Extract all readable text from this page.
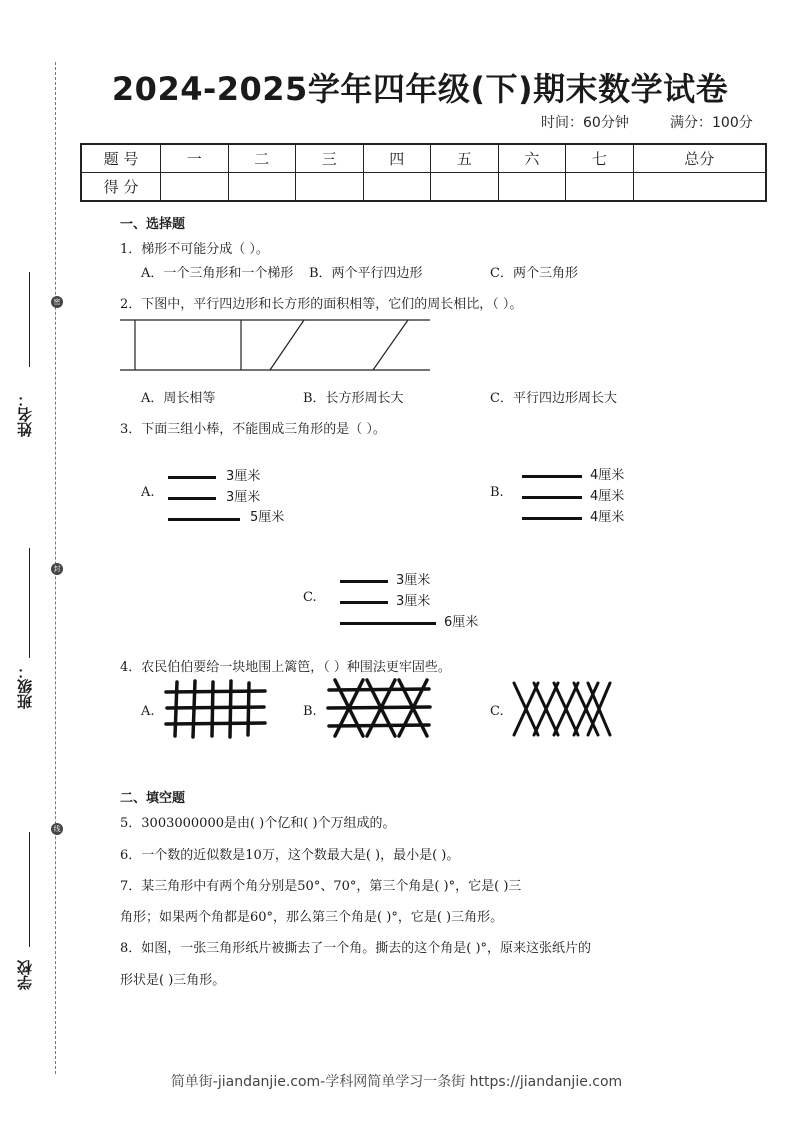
姓名：
班级：
学校
密
封
线
2024-2025学年四年级(下)期末数学试卷
时间：60分钟	满分：100分
题 号	一	二	三	四	五	六	七	总分
得 分								
一、选择题
1．梯形不可能分成（ ）。
A．一个三角形和一个梯形 B．两个平行四边形	C．两个三角形
2．下图中，平行四边形和长方形的面积相等，它们的周长相比，（ ）。
A．周长相等	B．长方形周长大	C．平行四边形周长大
3．下面三组小棒，不能围成三角形的是（ ）。
A.
3厘米
3厘米
5厘米
B.
4厘米
4厘米
4厘米
C.
3厘米
3厘米
6厘米
4．农民伯伯要给一块地围上篱笆，（ ）种围法更牢固些。
A.	B.	C.
二、填空题
5．3003000000是由( )个亿和( )个万组成的。
6．一个数的近似数是10万，这个数最大是( )，最小是( )。
7．某三角形中有两个角分别是50°、70°，第三个角是( )°，它是( )三
角形；如果两个角都是60°，那么第三个角是( )°，它是( )三角形。
8．如图，一张三角形纸片被撕去了一个角。撕去的这个角是( )°，原来这张纸片的
形状是( )三角形。
简单街-jiandanjie.com-学科网简单学习一条街 https://jiandanjie.com
